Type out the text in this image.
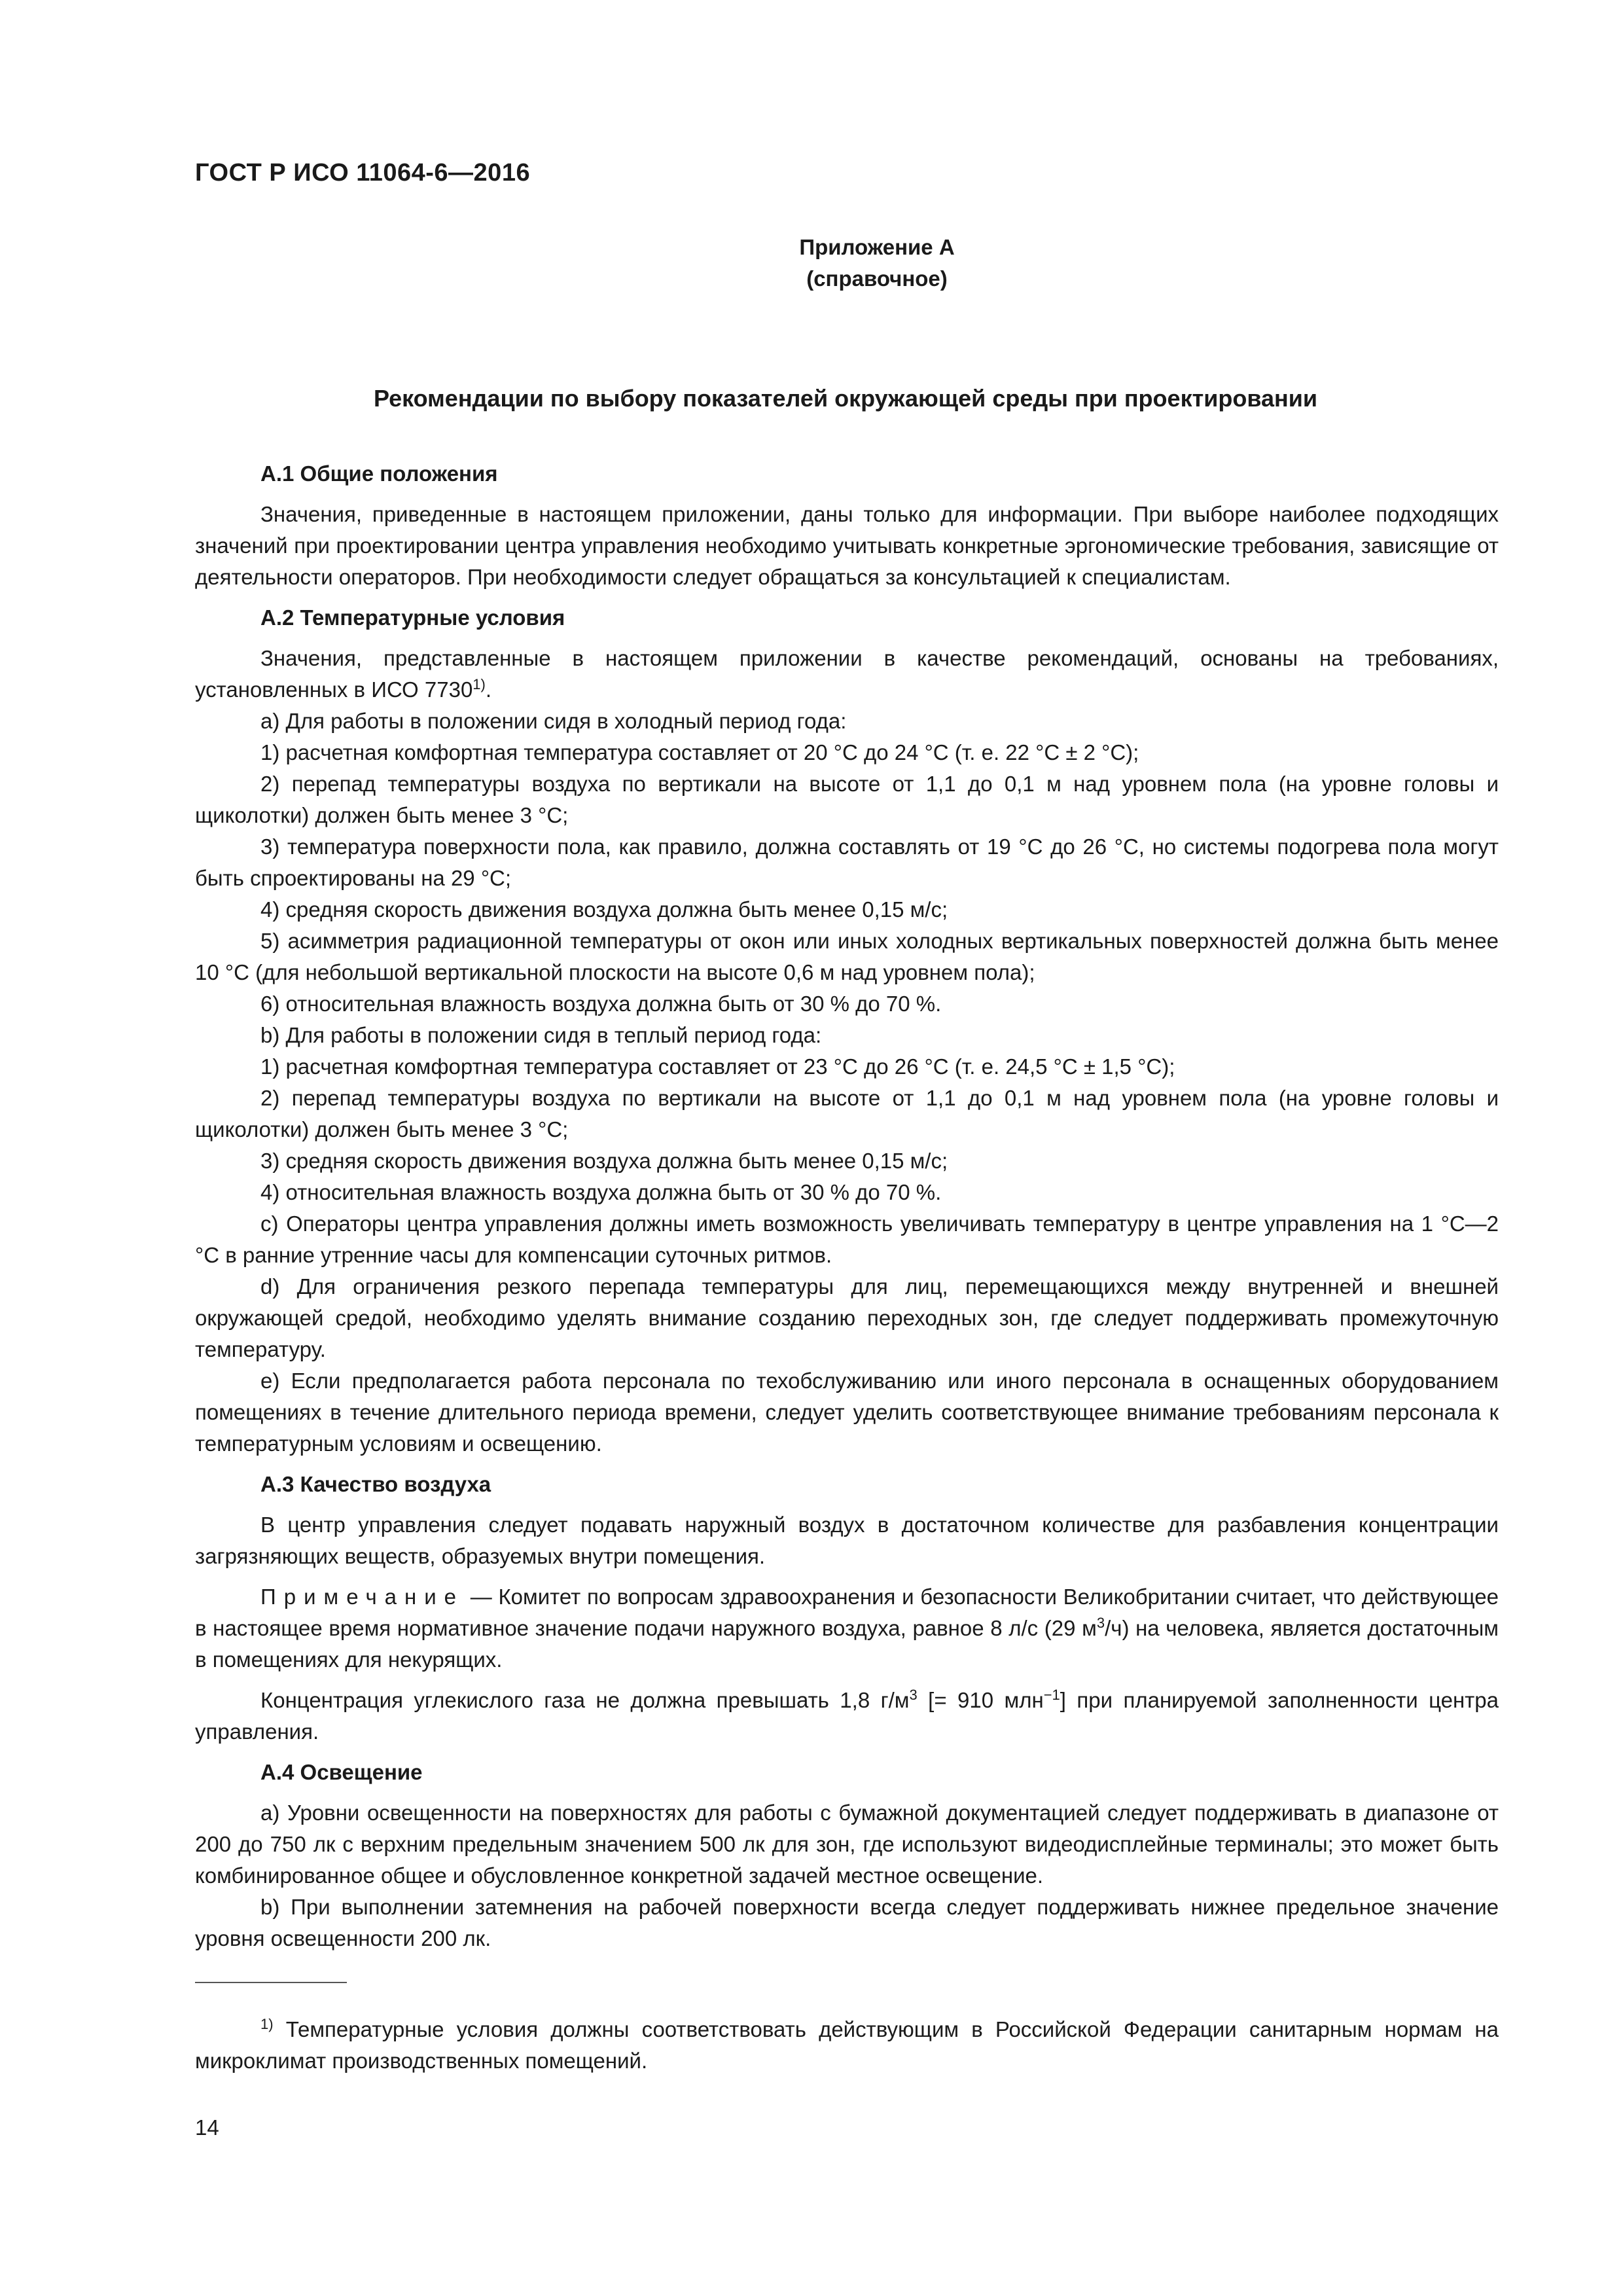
ГОСТ Р ИСО 11064-6—2016
Приложение А
(справочное)
Рекомендации по выбору показателей окружающей среды при проектировании
А.1 Общие положения

Значения, приведенные в настоящем приложении, даны только для информации. При выборе наиболее подходящих значений при проектировании центра управления необходимо учитывать конкретные эргономические требования, зависящие от деятельности операторов. При необходимости следует обращаться за консультацией к специалистам.

А.2 Температурные условия

Значения, представленные в настоящем приложении в качестве рекомендаций, основаны на требованиях, установленных в ИСО 7730$^{1)}$.

а) Для работы в положении сидя в холодный период года:

1) расчетная комфортная температура составляет от 20 °С до 24 °С (т. е. 22 °С ± 2 °С);

2) перепад температуры воздуха по вертикали на высоте от 1,1 до 0,1 м над уровнем пола (на уровне головы и щиколотки) должен быть менее 3 °С;

3) температура поверхности пола, как правило, должна составлять от 19 °С до 26 °С, но системы подогрева пола могут быть спроектированы на 29 °С;

4) средняя скорость движения воздуха должна быть менее 0,15 м/с;

5) асимметрия радиационной температуры от окон или иных холодных вертикальных поверхностей должна быть менее 10 °С (для небольшой вертикальной плоскости на высоте 0,6 м над уровнем пола);

6) относительная влажность воздуха должна быть от 30 % до 70 %.

b) Для работы в положении сидя в теплый период года:

1) расчетная комфортная температура составляет от 23 °С до 26 °С (т. е. 24,5 °С ± 1,5 °С);

2) перепад температуры воздуха по вертикали на высоте от 1,1 до 0,1 м над уровнем пола (на уровне головы и щиколотки) должен быть менее 3 °С;

3) средняя скорость движения воздуха должна быть менее 0,15 м/с;

4) относительная влажность воздуха должна быть от 30 % до 70 %.

с) Операторы центра управления должны иметь возможность увеличивать температуру в центре управления на 1 °С—2 °С в ранние утренние часы для компенсации суточных ритмов.

d) Для ограничения резкого перепада температуры для лиц, перемещающихся между внутренней и внешней окружающей средой, необходимо уделять внимание созданию переходных зон, где следует поддерживать промежуточную температуру.

е) Если предполагается работа персонала по техобслуживанию или иного персонала в оснащенных оборудованием помещениях в течение длительного периода времени, следует уделить соответствующее внимание требованиям персонала к температурным условиям и освещению.

А.3 Качество воздуха

В центр управления следует подавать наружный воздух в достаточном количестве для разбавления концентрации загрязняющих веществ, образуемых внутри помещения.

Примечание — Комитет по вопросам здравоохранения и безопасности Великобритании считает, что действующее в настоящее время нормативное значение подачи наружного воздуха, равное 8 л/с (29 $м^3/ч$) на человека, является достаточным в помещениях для некурящих.

Концентрация углекислого газа не должна превышать 1,8 $г/м^3$ [= 910 млн$^{-1}$] при планируемой заполненности центра управления.

А.4 Освещение

а) Уровни освещенности на поверхностях для работы с бумажной документацией следует поддерживать в диапазоне от 200 до 750 лк с верхним предельным значением 500 лк для зон, где используют видеодисплейные терминалы; это может быть комбинированное общее и обусловленное конкретной задачей местное освещение.

b) При выполнении затемнения на рабочей поверхности всегда следует поддерживать нижнее предельное значение уровня освещенности 200 лк.

$^{1)}$ Температурные условия должны соответствовать действующим в Российской Федерации санитарным нормам на микроклимат производственных помещений.

14
